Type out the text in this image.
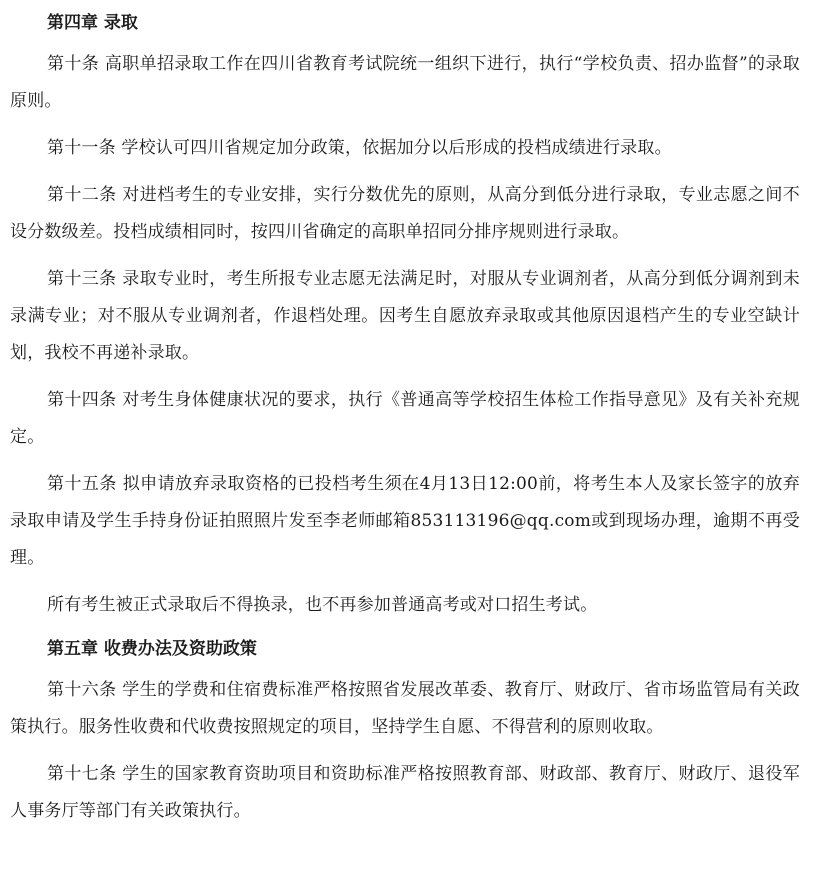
第四章 录取

第十条 高职单招录取工作在四川省教育考试院统一组织下进行，执行“学校负责、招办监督”的录取原则。

第十一条 学校认可四川省规定加分政策，依据加分以后形成的投档成绩进行录取。

第十二条 对进档考生的专业安排，实行分数优先的原则，从高分到低分进行录取，专业志愿之间不设分数级差。投档成绩相同时，按四川省确定的高职单招同分排序规则进行录取。

第十三条 录取专业时，考生所报专业志愿无法满足时，对服从专业调剂者，从高分到低分调剂到未录满专业；对不服从专业调剂者，作退档处理。因考生自愿放弃录取或其他原因退档产生的专业空缺计划，我校不再递补录取。

第十四条 对考生身体健康状况的要求，执行《普通高等学校招生体检工作指导意见》及有关补充规定。

第十五条 拟申请放弃录取资格的已投档考生须在4月13日12:00前，将考生本人及家长签字的放弃录取申请及学生手持身份证拍照照片发至李老师邮箱853113196@qq.com或到现场办理，逾期不再受理。

所有考生被正式录取后不得换录，也不再参加普通高考或对口招生考试。

第五章 收费办法及资助政策

第十六条 学生的学费和住宿费标准严格按照省发展改革委、教育厅、财政厅、省市场监管局有关政策执行。服务性收费和代收费按照规定的项目，坚持学生自愿、不得营利的原则收取。

第十七条 学生的国家教育资助项目和资助标准严格按照教育部、财政部、教育厅、财政厅、退役军人事务厅等部门有关政策执行。
